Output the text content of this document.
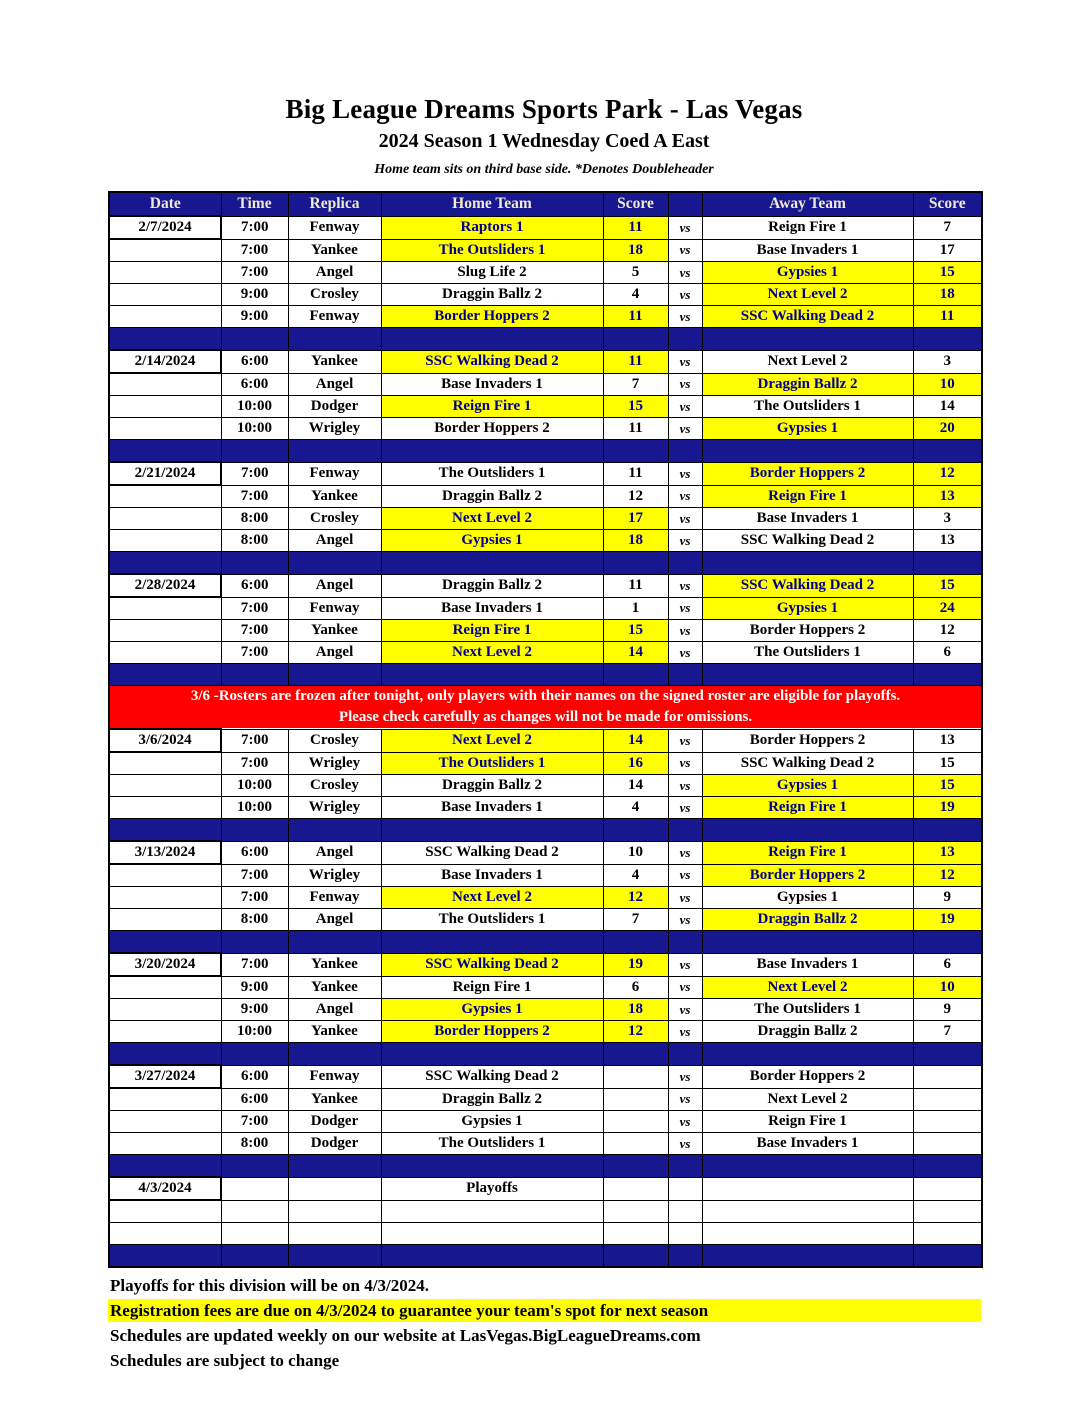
Big League Dreams Sports Park - Las Vegas
2024 Season 1 Wednesday Coed A East
Home team sits on third base side. *Denotes Doubleheader
Date	Time	Replica	Home Team	Score		Away Team	Score
2/7/2024	7:00	Fenway	Raptors 1	11	vs	Reign Fire 1	7
	7:00	Yankee	The Outsliders 1	18	vs	Base Invaders 1	17
	7:00	Angel	Slug Life 2	5	vs	Gypsies 1	15
	9:00	Crosley	Draggin Ballz 2	4	vs	Next Level 2	18
	9:00	Fenway	Border Hoppers 2	11	vs	SSC Walking Dead 2	11

2/14/2024	6:00	Yankee	SSC Walking Dead 2	11	vs	Next Level 2	3
	6:00	Angel	Base Invaders 1	7	vs	Draggin Ballz 2	10
	10:00	Dodger	Reign Fire 1	15	vs	The Outsliders 1	14
	10:00	Wrigley	Border Hoppers 2	11	vs	Gypsies 1	20

2/21/2024	7:00	Fenway	The Outsliders 1	11	vs	Border Hoppers 2	12
	7:00	Yankee	Draggin Ballz 2	12	vs	Reign Fire 1	13
	8:00	Crosley	Next Level 2	17	vs	Base Invaders 1	3
	8:00	Angel	Gypsies 1	18	vs	SSC Walking Dead 2	13

2/28/2024	6:00	Angel	Draggin Ballz 2	11	vs	SSC Walking Dead 2	15
	7:00	Fenway	Base Invaders 1	1	vs	Gypsies 1	24
	7:00	Yankee	Reign Fire 1	15	vs	Border Hoppers 2	12
	7:00	Angel	Next Level 2	14	vs	The Outsliders 1	6

3/6 -Rosters are frozen after tonight, only players with their names on the signed roster are eligible for playoffs.
Please check carefully as changes will not be made for omissions.							

3/6/2024	7:00	Crosley	Next Level 2	14	vs	Border Hoppers 2	13
	7:00	Wrigley	The Outsliders 1	16	vs	SSC Walking Dead 2	15
	10:00	Crosley	Draggin Ballz 2	14	vs	Gypsies 1	15
	10:00	Wrigley	Base Invaders 1	4	vs	Reign Fire 1	19

3/13/2024	6:00	Angel	SSC Walking Dead 2	10	vs	Reign Fire 1	13
	7:00	Wrigley	Base Invaders 1	4	vs	Border Hoppers 2	12
	7:00	Fenway	Next Level 2	12	vs	Gypsies 1	9
	8:00	Angel	The Outsliders 1	7	vs	Draggin Ballz 2	19

3/20/2024	7:00	Yankee	SSC Walking Dead 2	19	vs	Base Invaders 1	6
	9:00	Yankee	Reign Fire 1	6	vs	Next Level 2	10
	9:00	Angel	Gypsies 1	18	vs	The Outsliders 1	9
	10:00	Yankee	Border Hoppers 2	12	vs	Draggin Ballz 2	7

3/27/2024	6:00	Fenway	SSC Walking Dead 2		vs	Border Hoppers 2	
	6:00	Yankee	Draggin Ballz 2		vs	Next Level 2	
	7:00	Dodger	Gypsies 1		vs	Reign Fire 1	
	8:00	Dodger	The Outsliders 1		vs	Base Invaders 1	

4/3/2024			Playoffs				

Playoffs for this division will be on 4/3/2024.
Registration fees are due on 4/3/2024 to guarantee your team's spot for next season
Schedules are updated weekly on our website at LasVegas.BigLeagueDreams.com
Schedules are subject to change
